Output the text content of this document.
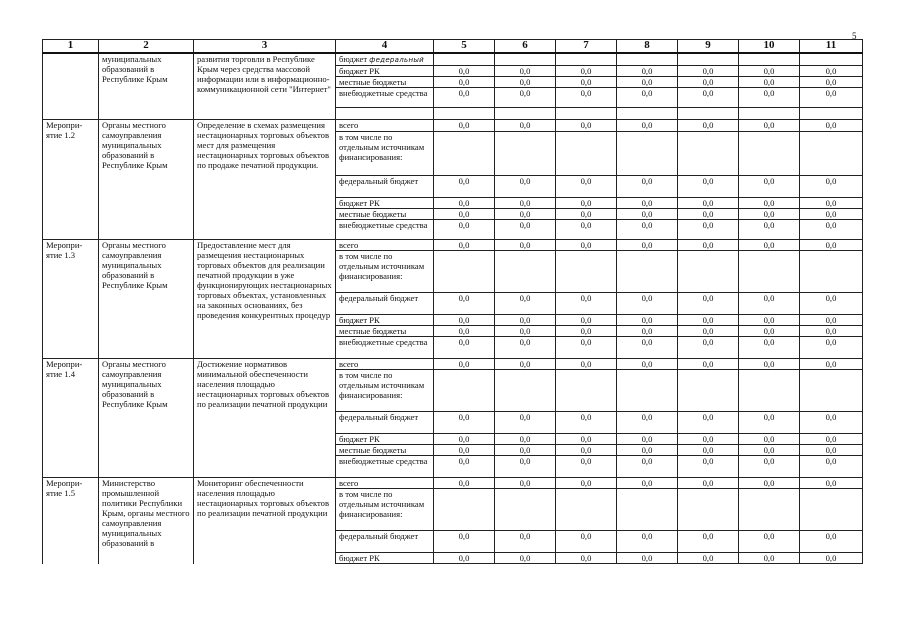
5
1	2	3	4	5	6	7	8	9	10	11
	муниципальных образований в Республике Крым	развития торговли в Республике Крым через средства массовой информации или в информационно-коммуникационной сети "Интернет"	бюджет федеральный							
			бюджет РК	0,0	0,0	0,0	0,0	0,0	0,0	0,0
			местные бюджеты	0,0	0,0	0,0	0,0	0,0	0,0	0,0
			внебюджетные средства	0,0	0,0	0,0	0,0	0,0	0,0	0,0

Меропри-ятие 1.2	Органы местного самоуправления муниципальных образований в Республике Крым	Определение в схемах размещения нестационарных торговых объектов мест для размещения нестационарных торговых объектов по продаже печатной продукции.	всего	0,0	0,0	0,0	0,0	0,0	0,0	0,0
			в том числе по отдельным источникам финансирования:							
			федеральный бюджет	0,0	0,0	0,0	0,0	0,0	0,0	0,0
			бюджет РК	0,0	0,0	0,0	0,0	0,0	0,0	0,0
			местные бюджеты	0,0	0,0	0,0	0,0	0,0	0,0	0,0
			внебюджетные средства	0,0	0,0	0,0	0,0	0,0	0,0	0,0
Меропри-ятие 1.3	Органы местного самоуправления муниципальных образований в Республике Крым	Предоставление мест для размещения нестационарных торговых объектов для реализации печатной продукции в уже функционирующих нестационарных торговых объектах, установленных на законных основаниях, без проведения конкурентных процедур	всего	0,0	0,0	0,0	0,0	0,0	0,0	0,0
			в том числе по отдельным источникам финансирования:							
			федеральный бюджет	0,0	0,0	0,0	0,0	0,0	0,0	0,0
			бюджет РК	0,0	0,0	0,0	0,0	0,0	0,0	0,0
			местные бюджеты	0,0	0,0	0,0	0,0	0,0	0,0	0,0
			внебюджетные средства	0,0	0,0	0,0	0,0	0,0	0,0	0,0
Меропри-ятие 1.4	Органы местного самоуправления муниципальных образований в Республике Крым	Достижение нормативов минимальной обеспеченности населения площадью нестационарных торговых объектов по реализации печатной продукции	всего	0,0	0,0	0,0	0,0	0,0	0,0	0,0
			в том числе по отдельным источникам финансирования:							
			федеральный бюджет	0,0	0,0	0,0	0,0	0,0	0,0	0,0
			бюджет РК	0,0	0,0	0,0	0,0	0,0	0,0	0,0
			местные бюджеты	0,0	0,0	0,0	0,0	0,0	0,0	0,0
			внебюджетные средства	0,0	0,0	0,0	0,0	0,0	0,0	0,0
Меропри-ятие 1.5	Министерство промышленной политики Республики Крым, органы местного самоуправления муниципальных образований в	Мониторинг обеспеченности населения площадью нестационарных торговых объектов по реализации печатной продукции	всего	0,0	0,0	0,0	0,0	0,0	0,0	0,0
			в том числе по отдельным источникам финансирования:							
			федеральный бюджет	0,0	0,0	0,0	0,0	0,0	0,0	0,0
			бюджет РК	0,0	0,0	0,0	0,0	0,0	0,0	0,0
